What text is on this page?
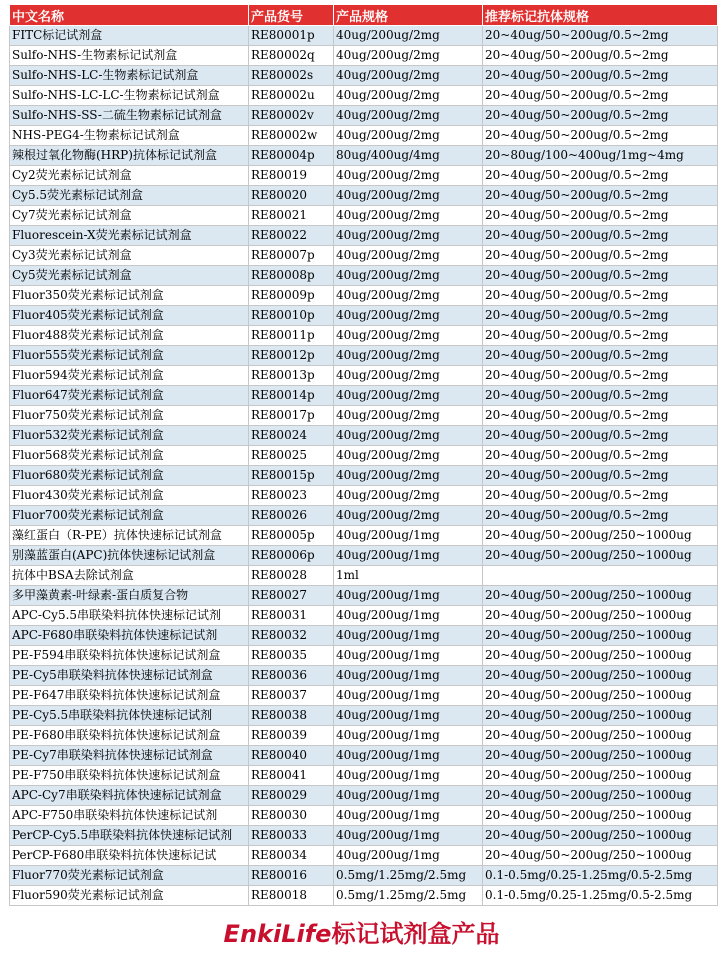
中文名称	产品货号	产品规格	推荐标记抗体规格
FITC标记试剂盒	RE80001p	40ug/200ug/2mg	20~40ug/50~200ug/0.5~2mg
Sulfo-NHS-生物素标记试剂盒	RE80002q	40ug/200ug/2mg	20~40ug/50~200ug/0.5~2mg
Sulfo-NHS-LC-生物素标记试剂盒	RE80002s	40ug/200ug/2mg	20~40ug/50~200ug/0.5~2mg
Sulfo-NHS-LC-LC-生物素标记试剂盒	RE80002u	40ug/200ug/2mg	20~40ug/50~200ug/0.5~2mg
Sulfo-NHS-SS-二硫生物素标记试剂盒	RE80002v	40ug/200ug/2mg	20~40ug/50~200ug/0.5~2mg
NHS-PEG4-生物素标记试剂盒	RE80002w	40ug/200ug/2mg	20~40ug/50~200ug/0.5~2mg
辣根过氧化物酶(HRP)抗体标记试剂盒	RE80004p	80ug/400ug/4mg	20~80ug/100~400ug/1mg~4mg
Cy2荧光素标记试剂盒	RE80019	40ug/200ug/2mg	20~40ug/50~200ug/0.5~2mg
Cy5.5荧光素标记试剂盒	RE80020	40ug/200ug/2mg	20~40ug/50~200ug/0.5~2mg
Cy7荧光素标记试剂盒	RE80021	40ug/200ug/2mg	20~40ug/50~200ug/0.5~2mg
Fluorescein-X荧光素标记试剂盒	RE80022	40ug/200ug/2mg	20~40ug/50~200ug/0.5~2mg
Cy3荧光素标记试剂盒	RE80007p	40ug/200ug/2mg	20~40ug/50~200ug/0.5~2mg
Cy5荧光素标记试剂盒	RE80008p	40ug/200ug/2mg	20~40ug/50~200ug/0.5~2mg
Fluor350荧光素标记试剂盒	RE80009p	40ug/200ug/2mg	20~40ug/50~200ug/0.5~2mg
Fluor405荧光素标记试剂盒	RE80010p	40ug/200ug/2mg	20~40ug/50~200ug/0.5~2mg
Fluor488荧光素标记试剂盒	RE80011p	40ug/200ug/2mg	20~40ug/50~200ug/0.5~2mg
Fluor555荧光素标记试剂盒	RE80012p	40ug/200ug/2mg	20~40ug/50~200ug/0.5~2mg
Fluor594荧光素标记试剂盒	RE80013p	40ug/200ug/2mg	20~40ug/50~200ug/0.5~2mg
Fluor647荧光素标记试剂盒	RE80014p	40ug/200ug/2mg	20~40ug/50~200ug/0.5~2mg
Fluor750荧光素标记试剂盒	RE80017p	40ug/200ug/2mg	20~40ug/50~200ug/0.5~2mg
Fluor532荧光素标记试剂盒	RE80024	40ug/200ug/2mg	20~40ug/50~200ug/0.5~2mg
Fluor568荧光素标记试剂盒	RE80025	40ug/200ug/2mg	20~40ug/50~200ug/0.5~2mg
Fluor680荧光素标记试剂盒	RE80015p	40ug/200ug/2mg	20~40ug/50~200ug/0.5~2mg
Fluor430荧光素标记试剂盒	RE80023	40ug/200ug/2mg	20~40ug/50~200ug/0.5~2mg
Fluor700荧光素标记试剂盒	RE80026	40ug/200ug/2mg	20~40ug/50~200ug/0.5~2mg
藻红蛋白（R-PE）抗体快速标记试剂盒	RE80005p	40ug/200ug/1mg	20~40ug/50~200ug/250~1000ug
别藻蓝蛋白(APC)抗体快速标记试剂盒	RE80006p	40ug/200ug/1mg	20~40ug/50~200ug/250~1000ug
抗体中BSA去除试剂盒	RE80028	1ml	
多甲藻黄素-叶绿素-蛋白质复合物	RE80027	40ug/200ug/1mg	20~40ug/50~200ug/250~1000ug
APC-Cy5.5串联染料抗体快速标记试剂	RE80031	40ug/200ug/1mg	20~40ug/50~200ug/250~1000ug
APC-F680串联染料抗体快速标记试剂	RE80032	40ug/200ug/1mg	20~40ug/50~200ug/250~1000ug
PE-F594串联染料抗体快速标记试剂盒	RE80035	40ug/200ug/1mg	20~40ug/50~200ug/250~1000ug
PE-Cy5串联染料抗体快速标记试剂盒	RE80036	40ug/200ug/1mg	20~40ug/50~200ug/250~1000ug
PE-F647串联染料抗体快速标记试剂盒	RE80037	40ug/200ug/1mg	20~40ug/50~200ug/250~1000ug
PE-Cy5.5串联染料抗体快速标记试剂	RE80038	40ug/200ug/1mg	20~40ug/50~200ug/250~1000ug
PE-F680串联染料抗体快速标记试剂盒	RE80039	40ug/200ug/1mg	20~40ug/50~200ug/250~1000ug
PE-Cy7串联染料抗体快速标记试剂盒	RE80040	40ug/200ug/1mg	20~40ug/50~200ug/250~1000ug
PE-F750串联染料抗体快速标记试剂盒	RE80041	40ug/200ug/1mg	20~40ug/50~200ug/250~1000ug
APC-Cy7串联染料抗体快速标记试剂盒	RE80029	40ug/200ug/1mg	20~40ug/50~200ug/250~1000ug
APC-F750串联染料抗体快速标记试剂	RE80030	40ug/200ug/1mg	20~40ug/50~200ug/250~1000ug
PerCP-Cy5.5串联染料抗体快速标记试剂	RE80033	40ug/200ug/1mg	20~40ug/50~200ug/250~1000ug
PerCP-F680串联染料抗体快速标记试	RE80034	40ug/200ug/1mg	20~40ug/50~200ug/250~1000ug
Fluor770荧光素标记试剂盒	RE80016	0.5mg/1.25mg/2.5mg	0.1-0.5mg/0.25-1.25mg/0.5-2.5mg
Fluor590荧光素标记试剂盒	RE80018	0.5mg/1.25mg/2.5mg	0.1-0.5mg/0.25-1.25mg/0.5-2.5mg
EnkiLife标记试剂盒产品
